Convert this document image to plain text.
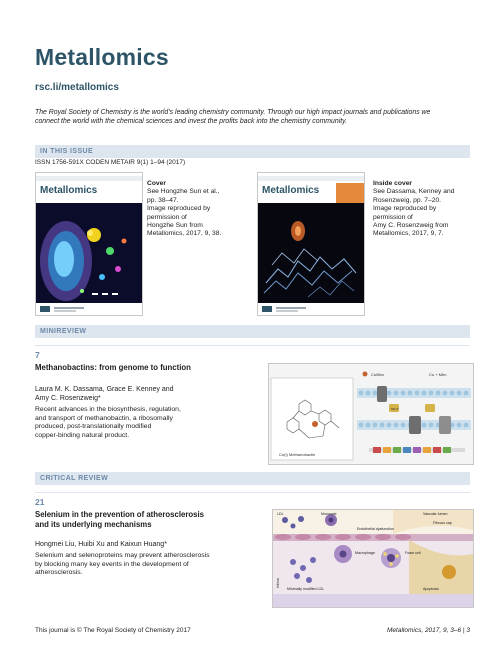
Metallomics
rsc.li/metallomics
The Royal Society of Chemistry is the world’s leading chemistry community. Through our high impact journals and publications we
connect the world with the chemical sciences and invest the profits back into the chemistry community.
IN THIS ISSUE
ISSN 1756-591X CODEN METAIR 9(1) 1–94 (2017)
Metallomics
Cover
See Hongzhe Sun et al.,
pp. 38–47.
Image reproduced by
permission of
Hongzhe Sun from
Metallomics, 2017, 9, 38.
Metallomics
Inside cover
See Dassama, Kenney and
Rosenzweig, pp. 7–20.
Image reproduced by
permission of
Amy C. Rosenzweig from
Metallomics, 2017, 9, 7.
MINIREVIEW
7
Methanobactins: from genome to function
Laura M. K. Dassama, Grace E. Kenney and
Amy C. Rosenzweig*
Recent advances in the biosynthesis, regulation,
and transport of methanobactin, a ribosomally
produced, post-translationally modified
copper-binding natural product.
Cu(I) Methanobactin
CuMbn	Cu + Mbn
MbnT
CRITICAL REVIEW
21
Selenium in the prevention of atherosclerosis
and its underlying mechanisms
Hongmei Liu, Huibi Xu and Kaixun Huang*
Selenium and selenoproteins may prevent atherosclerosis
by blocking many key events in the development of
atherosclerosis.
LDL	Monocyte	Vascular lumen
Fibrous cap
Endothelial dysfunction
Macrophage	Foam cell
Intima
Minimally modified LDL	Apoptosis
This journal is © The Royal Society of Chemistry 2017	Metallomics, 2017, 9, 3–6 | 3
